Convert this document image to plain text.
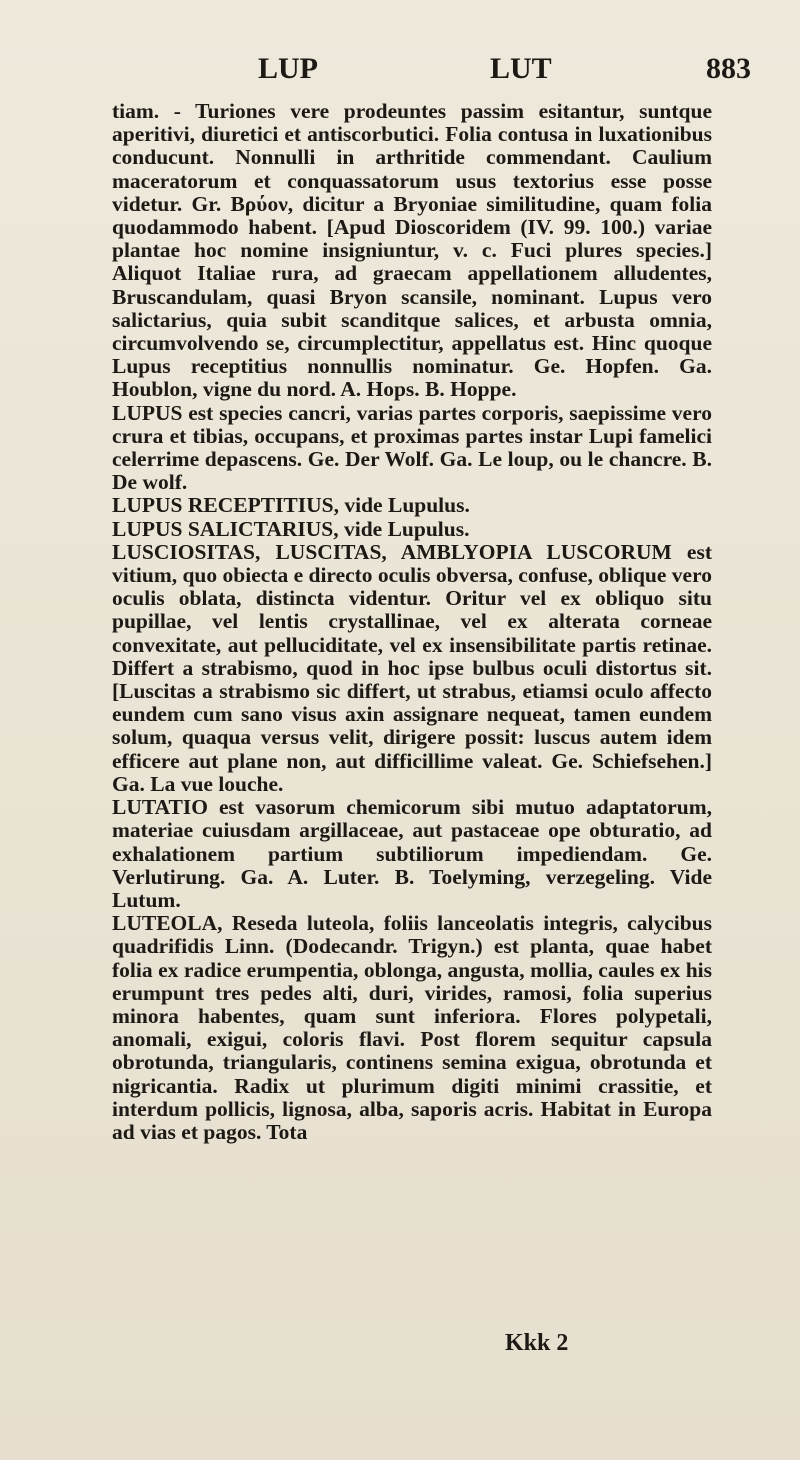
LUP	LUT	883

tiam. - Turiones vere prodeuntes passim esitantur, suntque aperitivi, diuretici et antiscorbutici. Folia contusa in luxationibus conducunt. Nonnulli in arthritide commendant. Caulium maceratorum et conquassatorum usus textorius esse posse videtur. Gr. Βρύον, dicitur a Bryoniae similitudine, quam folia quodammodo habent. [Apud Dioscoridem (IV. 99. 100.) variae plantae hoc nomine insigniuntur, v. c. Fuci plures species.] Aliquot Italiae rura, ad graecam appellationem alludentes, Bruscandulam, quasi Bryon scansile, nominant. Lupus vero salictarius, quia subit scanditque salices, et arbusta omnia, circumvolvendo se, circumplectitur, appellatus est. Hinc quoque Lupus receptitius nonnullis nominatur. Ge. Hopfen. Ga. Houblon, vigne du nord. A. Hops. B. Hoppe.

LUPUS est species cancri, varias partes corporis, saepissime vero crura et tibias, occupans, et proximas partes instar Lupi famelici celerrime depascens. Ge. Der Wolf. Ga. Le loup, ou le chancre. B. De wolf.

LUPUS RECEPTITIUS, vide Lupulus.

LUPUS SALICTARIUS, vide Lupulus.

LUSCIOSITAS, LUSCITAS, AMBLYOPIA LUSCORUM est vitium, quo obiecta e directo oculis obversa, confuse, oblique vero oculis oblata, distincta videntur. Oritur vel ex obliquo situ pupillae, vel lentis crystallinae, vel ex alterata corneae convexitate, aut pelluciditate, vel ex insensibilitate partis retinae. Differt a strabismo, quod in hoc ipse bulbus oculi distortus sit. [Luscitas a strabismo sic differt, ut strabus, etiamsi oculo affecto eundem cum sano visus axin assignare nequeat, tamen eundem solum, quaqua versus velit, dirigere possit: luscus autem idem efficere aut plane non, aut difficillime valeat. Ge. Schiefsehen.] Ga. La vue louche.

LUTATIO est vasorum chemicorum sibi mutuo adaptatorum, materiae cuiusdam argillaceae, aut pastaceae ope obturatio, ad exhalationem partium subtiliorum impediendam. Ge. Verlutirung. Ga. A. Luter. B. Toelyming, verzegeling. Vide Lutum.

LUTEOLA, Reseda luteola, foliis lanceolatis integris, calycibus quadrifidis Linn. (Dodecandr. Trigyn.) est planta, quae habet folia ex radice erumpentia, oblonga, angusta, mollia, caules ex his erumpunt tres pedes alti, duri, virides, ramosi, folia superius minora habentes, quam sunt inferiora. Flores polypetali, anomali, exigui, coloris flavi. Post florem sequitur capsula obrotunda, triangularis, continens semina exigua, obrotunda et nigricantia. Radix ut plurimum digiti minimi crassitie, et interdum pollicis, lignosa, alba, saporis acris. Habitat in Europa ad vias et pagos. Tota

Kkk 2
